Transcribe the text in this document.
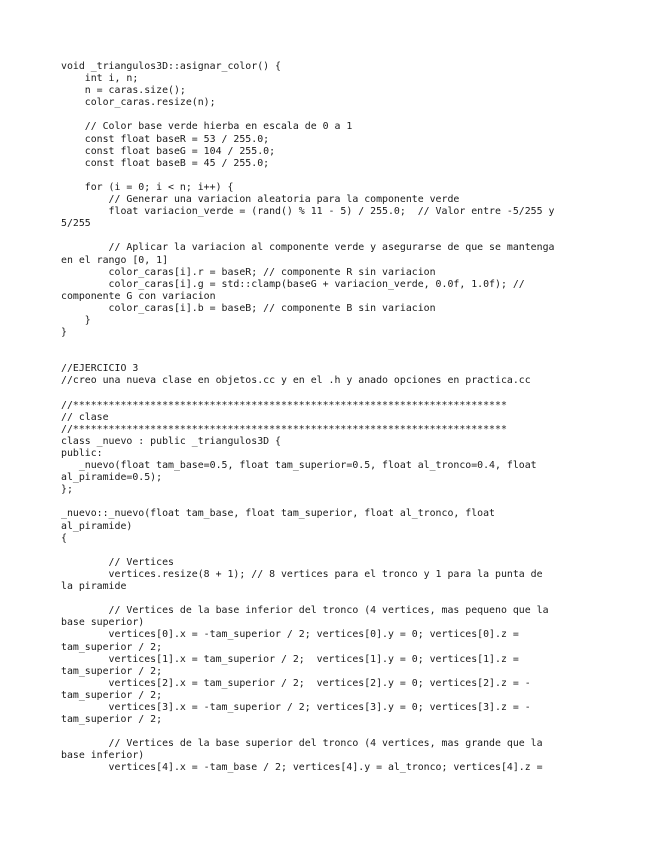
void _triangulos3D::asignar_color() {
int i, n;
n = caras.size();
color_caras.resize(n);
// Color base verde hierba en escala de 0 a 1
const float baseR = 53 / 255.0;
const float baseG = 104 / 255.0;
const float baseB = 45 / 255.0;
for (i = 0; i < n; i++) {
// Generar una variacion aleatoria para la componente verde
float variacion_verde = (rand() % 11 - 5) / 255.0;  // Valor entre -5/255 y
5/255
// Aplicar la variacion al componente verde y asegurarse de que se mantenga
en el rango [0, 1]
color_caras[i].r = baseR; // componente R sin variacion
color_caras[i].g = std::clamp(baseG + variacion_verde, 0.0f, 1.0f); //
componente G con variacion
color_caras[i].b = baseB; // componente B sin variacion
}
}
//EJERCICIO 3
//creo una nueva clase en objetos.cc y en el .h y anado opciones en practica.cc
//*************************************************************************
// clase
//*************************************************************************
class _nuevo : public _triangulos3D {
public:
_nuevo(float tam_base=0.5, float tam_superior=0.5, float al_tronco=0.4, float
al_piramide=0.5);
};
_nuevo::_nuevo(float tam_base, float tam_superior, float al_tronco, float
al_piramide)
{
// Vertices
vertices.resize(8 + 1); // 8 vertices para el tronco y 1 para la punta de
la piramide
// Vertices de la base inferior del tronco (4 vertices, mas pequeno que la
base superior)
vertices[0].x = -tam_superior / 2; vertices[0].y = 0; vertices[0].z =
tam_superior / 2;
vertices[1].x = tam_superior / 2;  vertices[1].y = 0; vertices[1].z =
tam_superior / 2;
vertices[2].x = tam_superior / 2;  vertices[2].y = 0; vertices[2].z = -
tam_superior / 2;
vertices[3].x = -tam_superior / 2; vertices[3].y = 0; vertices[3].z = -
tam_superior / 2;
// Vertices de la base superior del tronco (4 vertices, mas grande que la
base inferior)
vertices[4].x = -tam_base / 2; vertices[4].y = al_tronco; vertices[4].z =
